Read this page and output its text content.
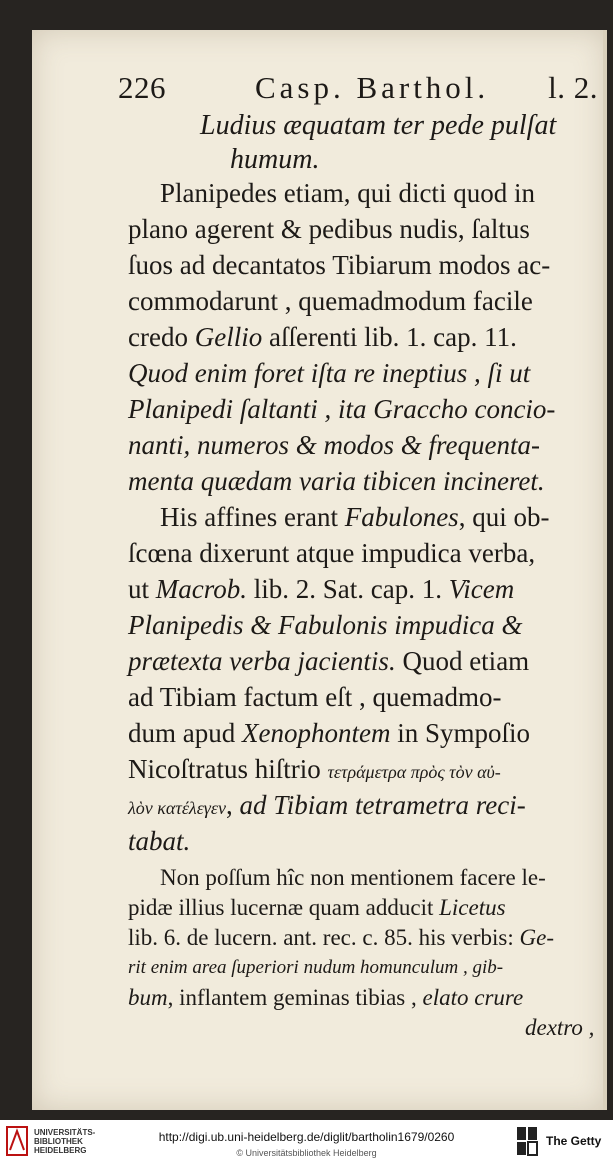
226	Casp. Barthol. l. 2.
Ludius æquatam ter pede pulſat
humum.
Planipedes etiam, qui dicti quod in
plano agerent & pedibus nudis, ſaltus
ſuos ad decantatos Tibiarum modos ac-
commodarunt , quemadmodum facile
credo Gellio aſſerenti lib. 1. cap. 11.
Quod enim foret iſta re ineptius , ſi ut
Planipedi ſaltanti , ita Graccho concio-
nanti, numeros & modos & frequenta-
menta quædam varia tibicen incineret.
His affines erant Fabulones, qui ob-
ſcœna dixerunt atque impudica verba,
ut Macrob. lib. 2. Sat. cap. 1. Vicem
Planipedis & Fabulonis impudica &
prætexta verba jacientis. Quod etiam
ad Tibiam factum eſt , quemadmo-
dum apud Xenophontem in Sympoſio
Nicoſtratus hiſtrio τετράμετρα πρὸς τὸν αὐ-
λὸν κατέλεγεν, ad Tibiam tetrametra reci-
tabat.
Non poſſum hîc non mentionem facere le-
pidæ illius lucernæ quam adducit Licetus
lib. 6. de lucern. ant. rec. c. 85. his verbis: Ge-
rit enim area ſuperiori nudum homunculum , gib-
bum, inflantem geminas tibias , elato crure
dextro ,
UNIVERSITÄTS-
BIBLIOTHEK
HEIDELBERG
http://digi.ub.uni-heidelberg.de/diglit/bartholin1679/0260
© Universitätsbibliothek Heidelberg
The Getty
